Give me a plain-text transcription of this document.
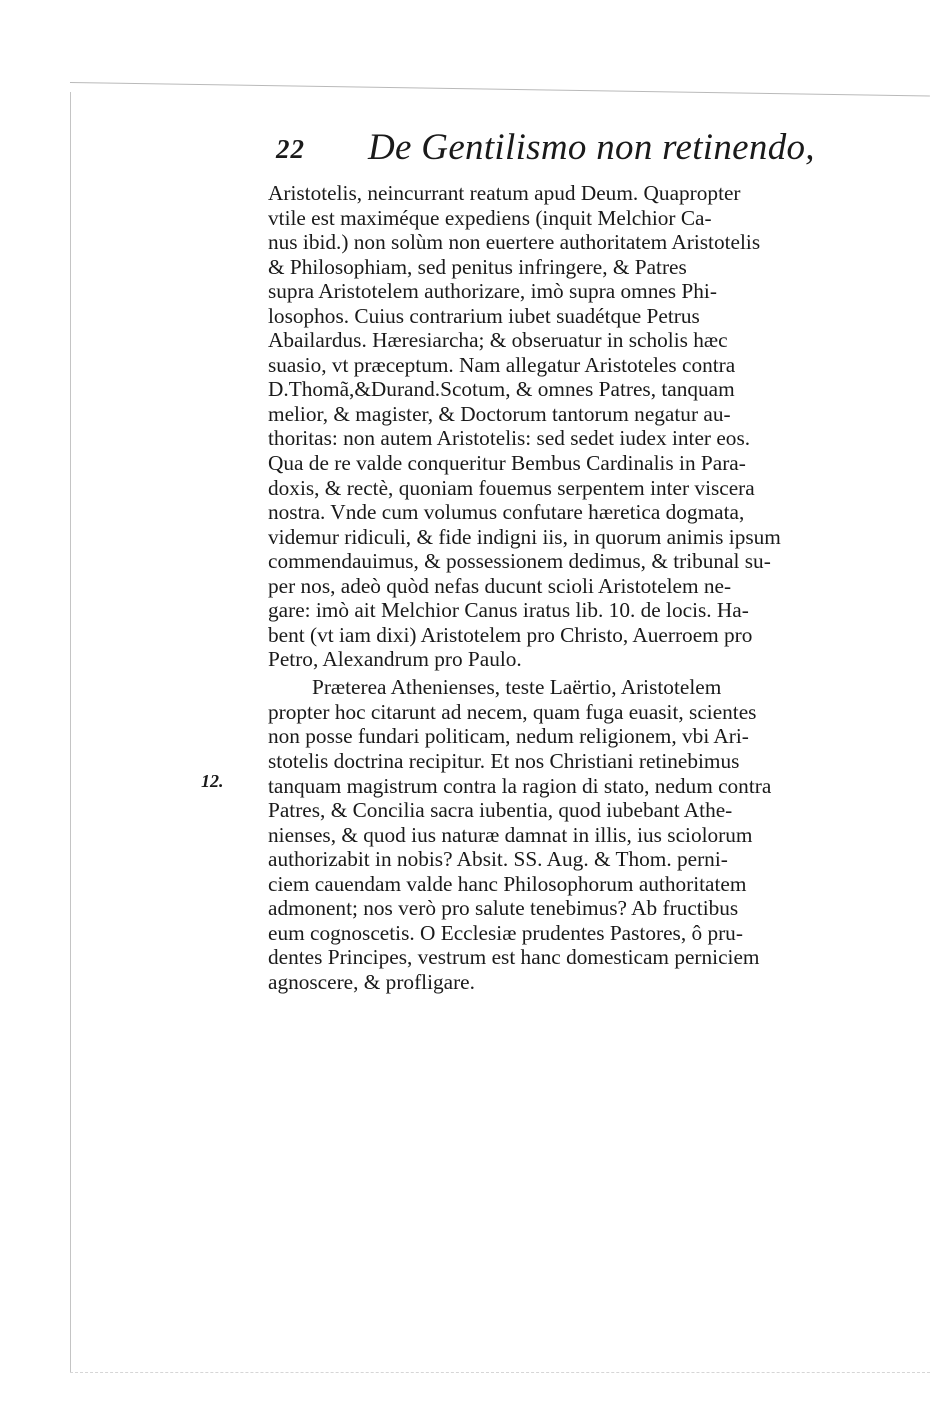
22 De Gentilismo non retinendo,
12.
Aristotelis, neincurrant reatum apud Deum. Quapropter
vtile est maximéque expediens (inquit Melchior Ca-
nus ibid.) non solùm non euertere authoritatem Aristotelis
& Philosophiam, sed penitus infringere, & Patres
supra Aristotelem authorizare, imò supra omnes Phi-
losophos. Cuius contrarium iubet suadétque Petrus
Abailardus. Hæresiarcha; & obseruatur in scholis hæc
suasio, vt præceptum. Nam allegatur Aristoteles contra
D.Thomã,&Durand.Scotum, & omnes Patres, tanquam
melior, & magister, & Doctorum tantorum negatur au-
thoritas: non autem Aristotelis: sed sedet iudex inter eos.
Qua de re valde conqueritur Bembus Cardinalis in Para-
doxis, & rectè, quoniam fouemus serpentem inter viscera
nostra. Vnde cum volumus confutare hæretica dogmata,
videmur ridiculi, & fide indigni iis, in quorum animis ipsum
commendauimus, & possessionem dedimus, & tribunal su-
per nos, adeò quòd nefas ducunt scioli Aristotelem ne-
gare: imò ait Melchior Canus iratus lib. 10. de locis. Ha-
bent (vt iam dixi) Aristotelem pro Christo, Auerroem pro
Petro, Alexandrum pro Paulo.
Præterea Athenienses, teste Laërtio, Aristotelem
propter hoc citarunt ad necem, quam fuga euasit, scientes
non posse fundari politicam, nedum religionem, vbi Ari-
stotelis doctrina recipitur. Et nos Christiani retinebimus
tanquam magistrum contra la ragion di stato, nedum contra
Patres, & Concilia sacra iubentia, quod iubebant Athe-
nienses, & quod ius naturæ damnat in illis, ius sciolorum
authorizabit in nobis? Absit. SS. Aug. & Thom. perni-
ciem cauendam valde hanc Philosophorum authoritatem
admonent; nos verò pro salute tenebimus? Ab fructibus
eum cognoscetis. O Ecclesiæ prudentes Pastores, ô pru-
dentes Principes, vestrum est hanc domesticam perniciem
agnoscere, & profligare.
